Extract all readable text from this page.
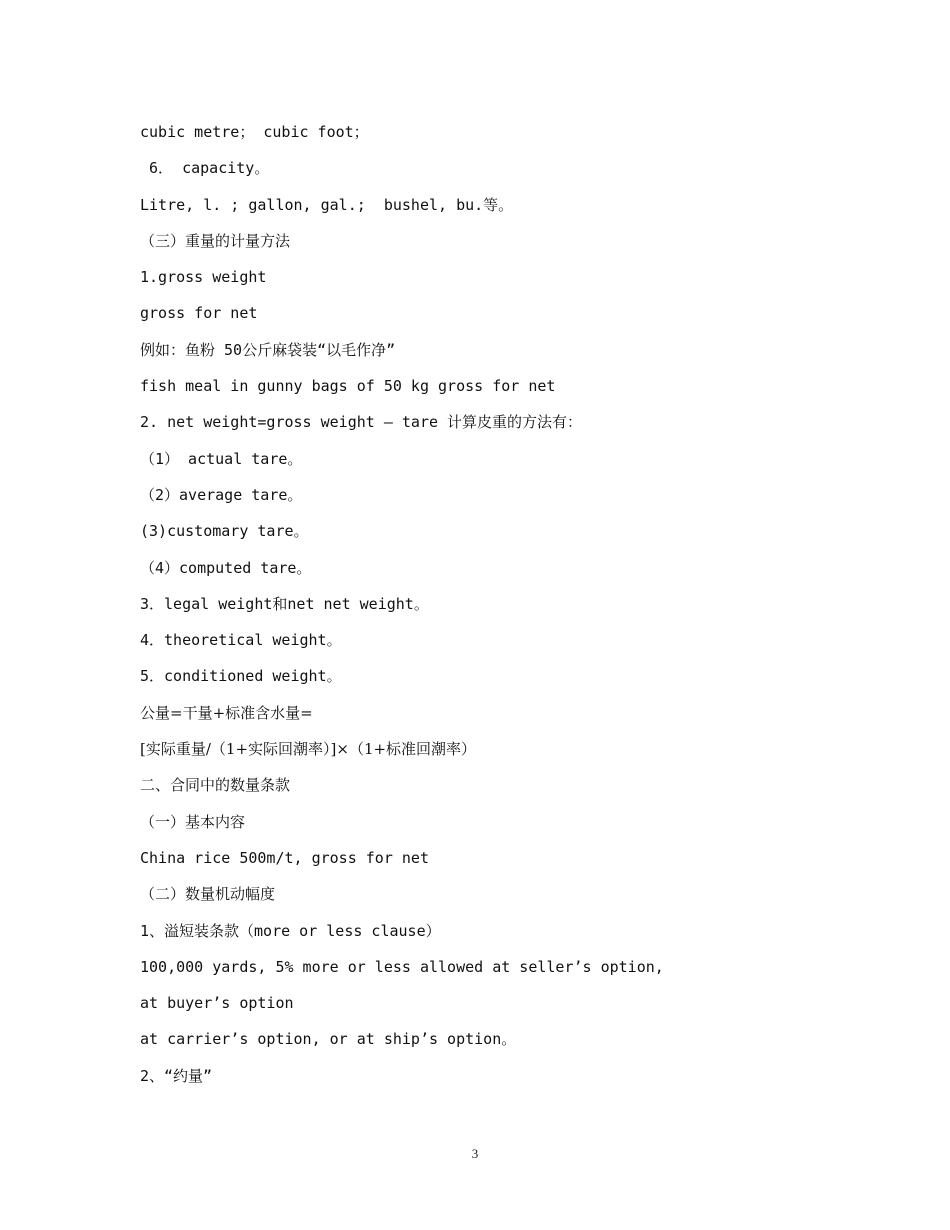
cubic metre； cubic foot；
6． capacity。
Litre, l. ; gallon, gal.;  bushel, bu.等。
（三）重量的计量方法
1.gross weight
gross for net
例如：鱼粉 50公斤麻袋装“以毛作净”
fish meal in gunny bags of 50 kg gross for net
2. net weight=gross weight – tare 计算皮重的方法有：
（1） actual tare。
（2）average tare。
(3)customary tare。
（4）computed tare。
3．legal weight和net net weight。
4．theoretical weight。
5．conditioned weight。
公量=干量+标准含水量=
[实际重量/（1+实际回潮率）]×（1+标准回潮率）
二、合同中的数量条款
（一）基本内容
China rice 500m/t, gross for net
（二）数量机动幅度
1、溢短装条款（more or less clause）
100,000 yards, 5% more or less allowed at seller’s option,
at buyer’s option
at carrier’s option, or at ship’s option。
2、“约量”
3
